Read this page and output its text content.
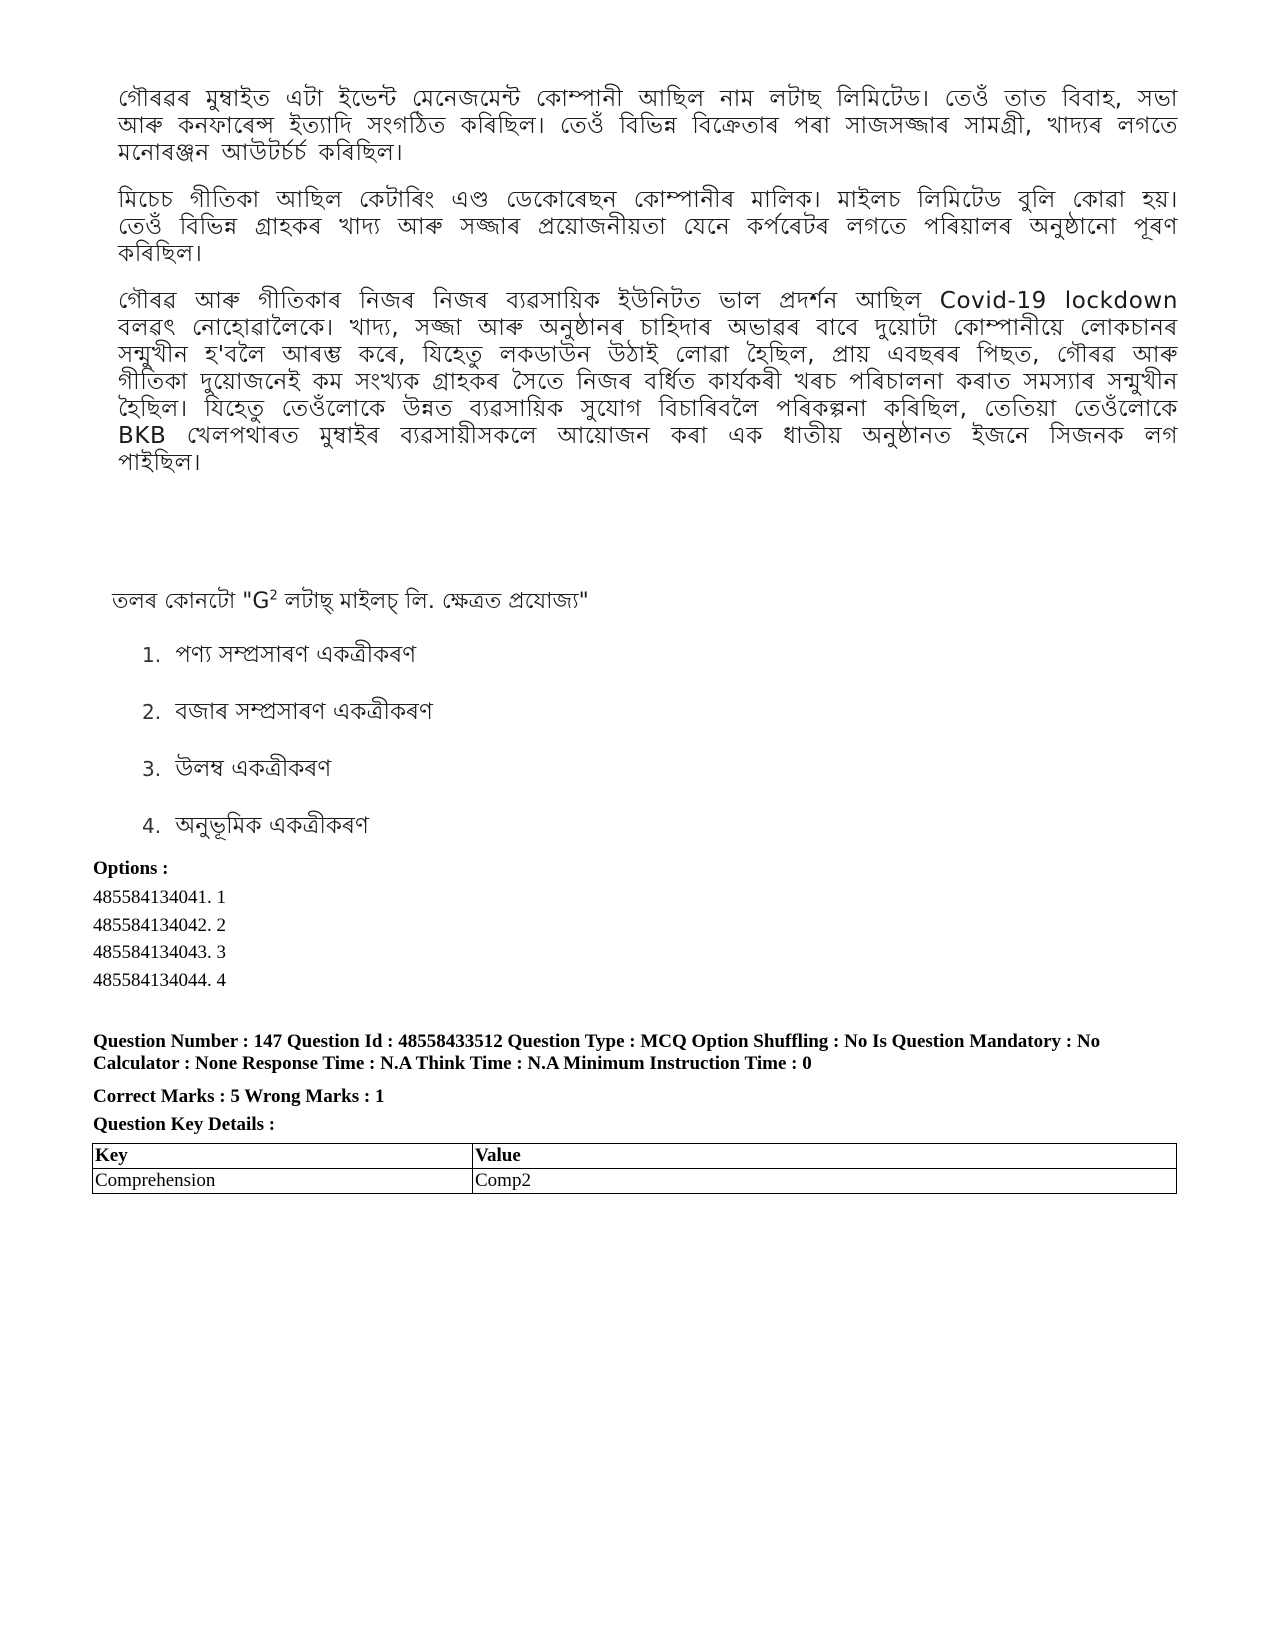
গৌৰৱৰ মুম্বাইত এটা ইভেন্ট মেনেজমেন্ট কোম্পানী আছিল নাম লটাছ লিমিটেড। তেওঁ তাত বিবাহ, সভা আৰু কনফাৰেন্স ইত্যাদি সংগঠিত কৰিছিল। তেওঁ বিভিন্ন বিক্রেতাৰ পৰা সাজসজ্জাৰ সামগ্ৰী, খাদ্যৰ লগতে মনোৰঞ্জন আউটৰ্চৰ্চ কৰিছিল।

মিচেচ গীতিকা আছিল কেটাৰিং এণ্ড ডেকোৰেছন কোম্পানীৰ মালিক। মাইলচ লিমিটেড বুলি কোৱা হয়। তেওঁ বিভিন্ন গ্ৰাহকৰ খাদ্য আৰু সজ্জাৰ প্ৰয়োজনীয়তা যেনে কৰ্পৰেটৰ লগতে পৰিয়ালৰ অনুষ্ঠানো পূৰণ কৰিছিল।

গৌৰৱ আৰু গীতিকাৰ নিজৰ নিজৰ ব্যৱসায়িক ইউনিটত ভাল প্ৰদৰ্শন আছিল Covid-19 lockdown বলৱৎ নোহোৱালৈকে। খাদ্য, সজ্জা আৰু অনুষ্ঠানৰ চাহিদাৰ অভাৱৰ বাবে দুয়োটা কোম্পানীয়ে লোকচানৰ সন্মুখীন হ'বলৈ আৰম্ভ কৰে, যিহেতু লকডাউন উঠাই লোৱা হৈছিল, প্ৰায় এবছৰৰ পিছত, গৌৰৱ আৰু গীতিকা দুয়োজনেই কম সংখ্যক গ্ৰাহকৰ সৈতে নিজৰ বৰ্ধিত কাৰ্যকৰী খৰচ পৰিচালনা কৰাত সমস্যাৰ সন্মুখীন হৈছিল। যিহেতু তেওঁলোকে উন্নত ব্যৱসায়িক সুযোগ বিচাৰিবলৈ পৰিকল্পনা কৰিছিল, তেতিয়া তেওঁলোকে BKB খেলপথাৰত মুম্বাইৰ ব্যৱসায়ীসকলে আয়োজন কৰা এক ধাতীয় অনুষ্ঠানত ইজনে সিজনক লগ পাইছিল।

তলৰ কোনটো "$G^2$ লটাছ্ মাইলচ্ লি. ক্ষেত্ৰত প্ৰযোজ্য"
1. পণ্য সম্প্ৰসাৰণ একত্ৰীকৰণ
2. বজাৰ সম্প্ৰসাৰণ একত্ৰীকৰণ
3. উলম্ব একত্ৰীকৰণ
4. অনুভূমিক একত্ৰীকৰণ
Options :
485584134041. 1
485584134042. 2
485584134043. 3
485584134044. 4
Question Number : 147 Question Id : 48558433512 Question Type : MCQ Option Shuffling : No Is Question Mandatory : No Calculator : None Response Time : N.A Think Time : N.A Minimum Instruction Time : 0
Correct Marks : 5 Wrong Marks : 1
Question Key Details :
Key	Value
Comprehension	Comp2
